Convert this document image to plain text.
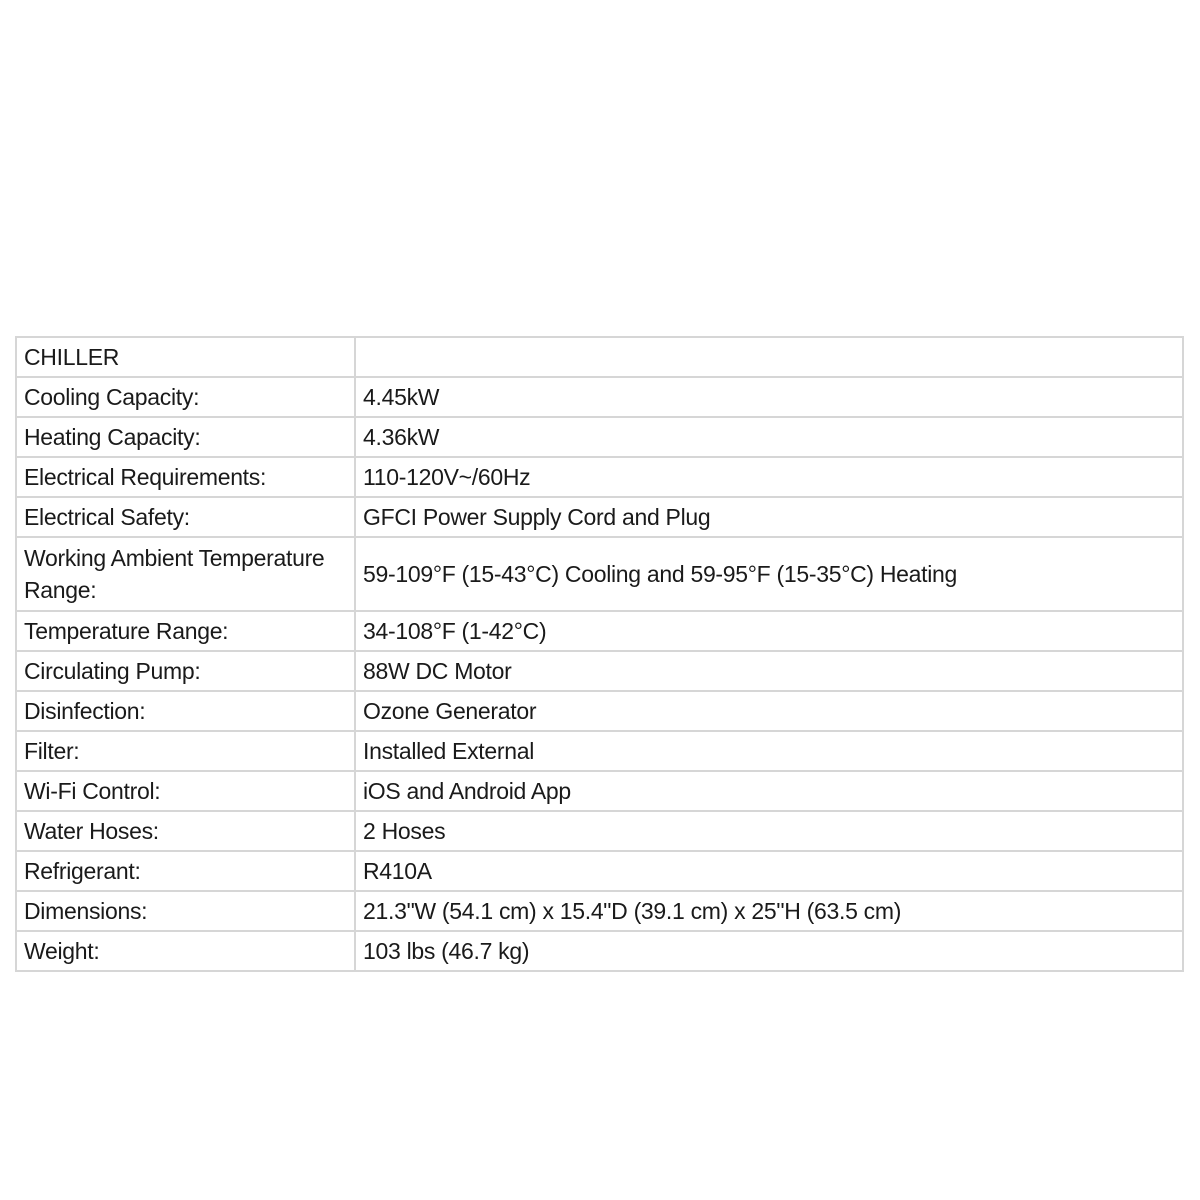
CHILLER	
Cooling Capacity:	4.45kW
Heating Capacity:	4.36kW
Electrical Requirements:	110-120V~/60Hz
Electrical Safety:	GFCI Power Supply Cord and Plug
Working Ambient Temperature Range:	59-109°F (15-43°C) Cooling and 59-95°F (15-35°C) Heating
Temperature Range:	34-108°F (1-42°C)
Circulating Pump:	88W DC Motor
Disinfection:	Ozone Generator
Filter:	Installed External
Wi-Fi Control:	iOS and Android App
Water Hoses:	2 Hoses
Refrigerant:	R410A
Dimensions:	21.3"W (54.1 cm) x 15.4"D (39.1 cm) x 25"H (63.5 cm)
Weight:	103 lbs (46.7 kg)
